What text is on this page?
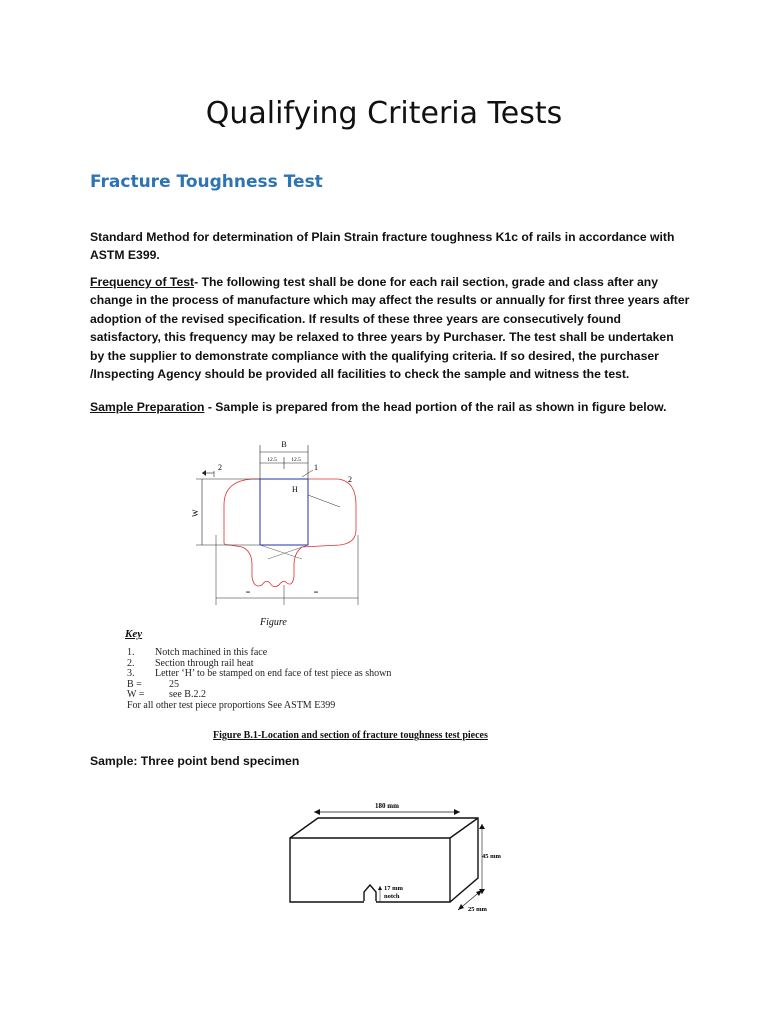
Qualifying Criteria Tests
Fracture Toughness Test

Standard Method for determination of Plain Strain fracture toughness K1c of rails in accordance with ASTM E399.

Frequency of Test- The following test shall be done for each rail section, grade and class after any change in the process of manufacture which may affect the results or annually for first three years after adoption of the revised specification. If results of these three years are consecutively found satisfactory, this frequency may be relaxed to three years by Purchaser. The test shall be undertaken by the supplier to demonstrate compliance with the qualifying criteria. If so desired, the purchaser /Inspecting Agency should be provided all facilities to check the sample and witness the test.

Sample Preparation - Sample is prepared from the head portion of the rail as shown in figure below.

B
12.5	12.5
2	1
2
H
W
=	=
Figure
Key
1. Notch machined in this face
2. Section through rail heat
3. Letter ‘H’ to be stamped on end face of test piece as shown
B =	25
W = see B.2.2
For all other test piece proportions See ASTM E399
Figure B.1-Location and section of fracture toughness test pieces

Sample: Three point bend specimen

180 mm
45 mm
17 mm
notch
25 mm
